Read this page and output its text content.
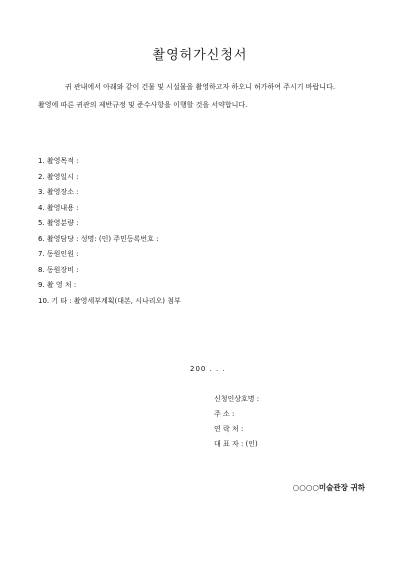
촬영허가신청서
귀 관내에서 아래와 같이 건물 및 시설물을 촬영하고자 하오니 허가하여 주시기 바랍니다.
촬영에 따른 귀관의 제반규정 및 준수사항을 이행할 것을 서약합니다.
1. 촬영목적 :
2. 촬영일시 :
3. 촬영장소 :
4. 촬영내용 :
5. 촬영분량 :
6. 촬영담당 : 성명: (인) 주민등록번호 :
7. 동원인원 :
8. 동원장비 :
9. 촬 영 처 :
10. 기 타 : 촬영세부계획(대본, 시나리오) 첨부
200 . . .
신청인상호명 :
주 소 :
연 락 처 :
대 표 자 : (인)
○○○○미술관장 귀하
